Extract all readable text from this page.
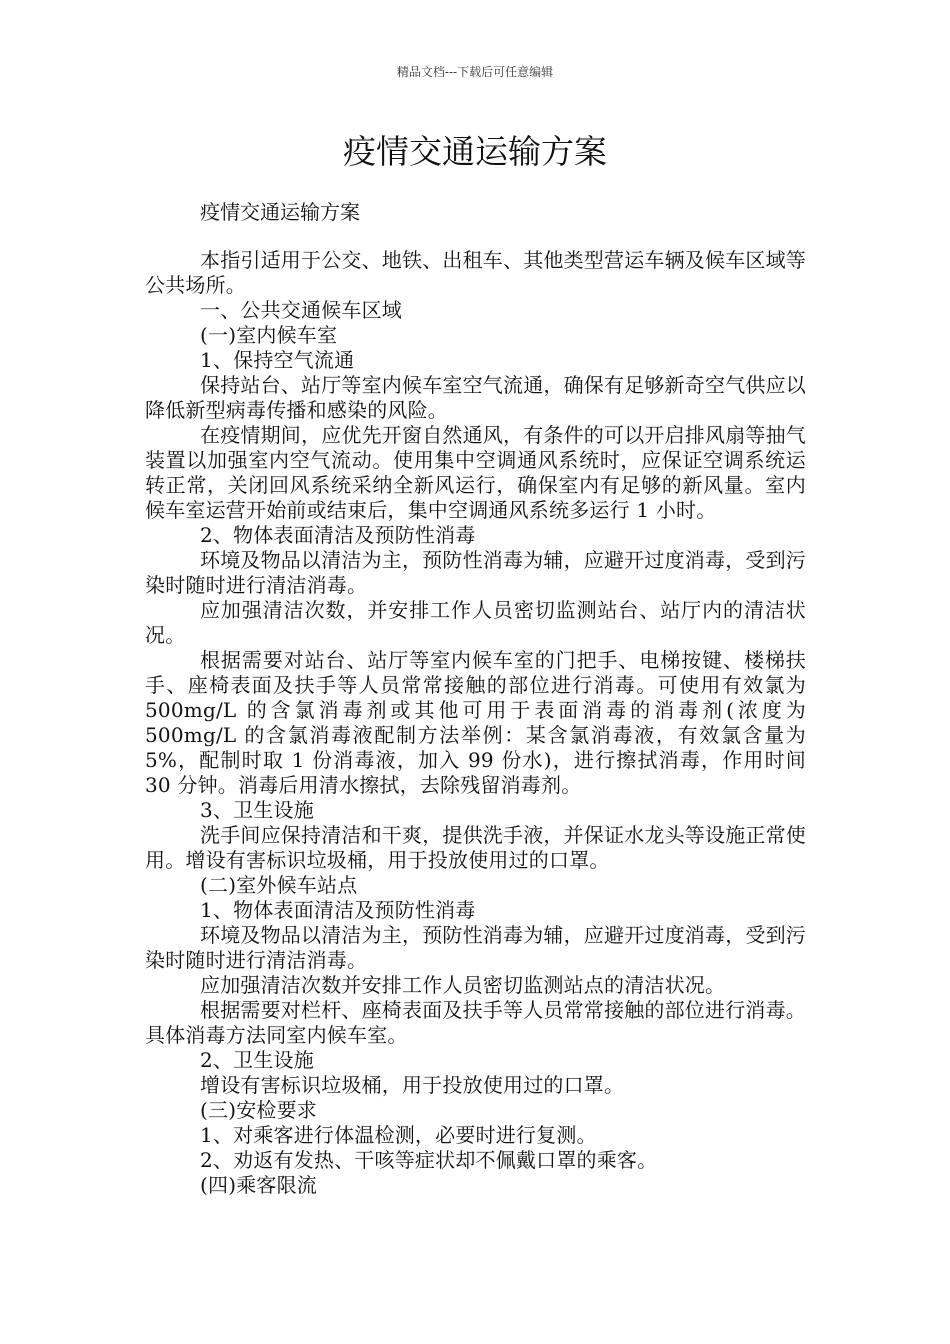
精品文档---下载后可任意编辑
疫情交通运输方案

疫情交通运输方案

本指引适用于公交、地铁、出租车、其他类型营运车辆及候车区域等公共场所。

一、公共交通候车区域

(一)室内候车室

1、保持空气流通

保持站台、站厅等室内候车室空气流通，确保有足够新奇空气供应以降低新型病毒传播和感染的风险。

在疫情期间，应优先开窗自然通风，有条件的可以开启排风扇等抽气装置以加强室内空气流动。使用集中空调通风系统时，应保证空调系统运转正常，关闭回风系统采纳全新风运行，确保室内有足够的新风量。室内候车室运营开始前或结束后，集中空调通风系统多运行 1 小时。

2、物体表面清洁及预防性消毒

环境及物品以清洁为主，预防性消毒为辅，应避开过度消毒，受到污染时随时进行清洁消毒。

应加强清洁次数，并安排工作人员密切监测站台、站厅内的清洁状况。

根据需要对站台、站厅等室内候车室的门把手、电梯按键、楼梯扶手、座椅表面及扶手等人员常常接触的部位进行消毒。可使用有效氯为 500mg/L 的含氯消毒剂或其他可用于表面消毒的消毒剂(浓度为 500mg/L 的含氯消毒液配制方法举例：某含氯消毒液，有效氯含量为 5%，配制时取 1 份消毒液，加入 99 份水)，进行擦拭消毒，作用时间 30 分钟。消毒后用清水擦拭，去除残留消毒剂。

3、卫生设施

洗手间应保持清洁和干爽，提供洗手液，并保证水龙头等设施正常使用。增设有害标识垃圾桶，用于投放使用过的口罩。

(二)室外候车站点

1、物体表面清洁及预防性消毒

环境及物品以清洁为主，预防性消毒为辅，应避开过度消毒，受到污染时随时进行清洁消毒。

应加强清洁次数并安排工作人员密切监测站点的清洁状况。

根据需要对栏杆、座椅表面及扶手等人员常常接触的部位进行消毒。具体消毒方法同室内候车室。

2、卫生设施

增设有害标识垃圾桶，用于投放使用过的口罩。

(三)安检要求

1、对乘客进行体温检测，必要时进行复测。

2、劝返有发热、干咳等症状却不佩戴口罩的乘客。

(四)乘客限流
